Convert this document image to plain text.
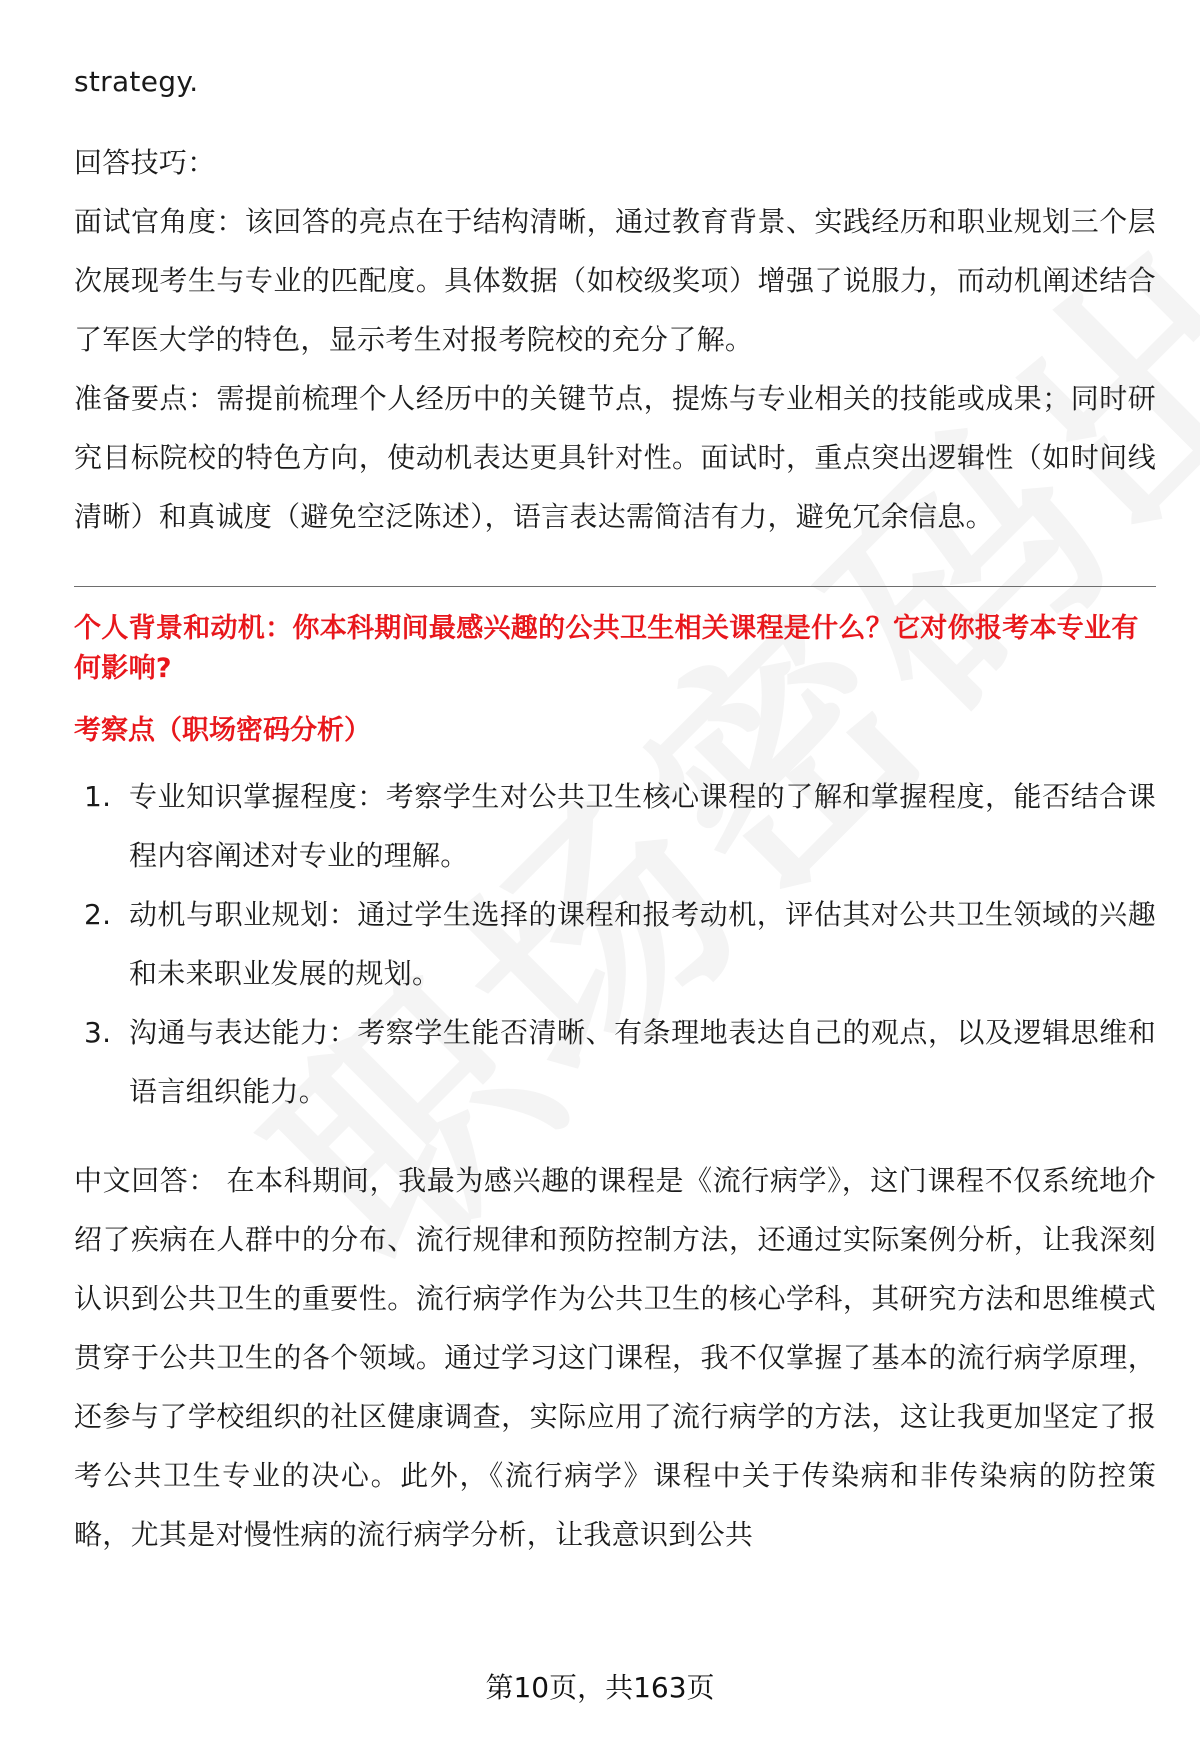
strategy.

回答技巧：

面试官角度：该回答的亮点在于结构清晰，通过教育背景、实践经历和职业规划三个层次展现考生与专业的匹配度。具体数据（如校级奖项）增强了说服力，而动机阐述结合了军医大学的特色，显示考生对报考院校的充分了解。

准备要点：需提前梳理个人经历中的关键节点，提炼与专业相关的技能或成果；同时研究目标院校的特色方向，使动机表达更具针对性。面试时，重点突出逻辑性（如时间线清晰）和真诚度（避免空泛陈述），语言表达需简洁有力，避免冗余信息。

个人背景和动机：你本科期间最感兴趣的公共卫生相关课程是什么？它对你报考本专业有何影响?

考察点（职场密码分析）

1. 专业知识掌握程度：考察学生对公共卫生核心课程的了解和掌握程度，能否结合课程内容阐述对专业的理解。
2. 动机与职业规划：通过学生选择的课程和报考动机，评估其对公共卫生领域的兴趣和未来职业发展的规划。
3. 沟通与表达能力：考察学生能否清晰、有条理地表达自己的观点，以及逻辑思维和语言组织能力。

中文回答： 在本科期间，我最为感兴趣的课程是《流行病学》，这门课程不仅系统地介绍了疾病在人群中的分布、流行规律和预防控制方法，还通过实际案例分析，让我深刻认识到公共卫生的重要性。流行病学作为公共卫生的核心学科，其研究方法和思维模式贯穿于公共卫生的各个领域。通过学习这门课程，我不仅掌握了基本的流行病学原理，还参与了学校组织的社区健康调查，实际应用了流行病学的方法，这让我更加坚定了报考公共卫生专业的决心。此外，《流行病学》课程中关于传染病和非传染病的防控策略，尤其是对慢性病的流行病学分析，让我意识到公共

第10页，共163页
